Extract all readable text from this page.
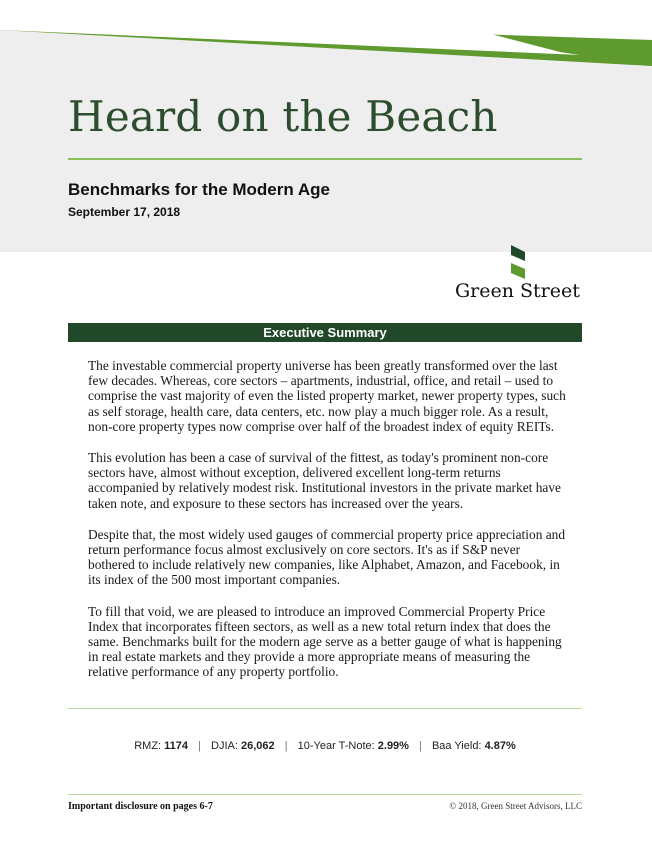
Heard on the Beach
Benchmarks for the Modern Age
September 17, 2018
Green Street
Executive Summary

The investable commercial property universe has been greatly transformed over the last few decades. Whereas, core sectors – apartments, industrial, office, and retail – used to comprise the vast majority of even the listed property market, newer property types, such as self storage, health care, data centers, etc. now play a much bigger role. As a result, non-core property types now comprise over half of the broadest index of equity REITs.

This evolution has been a case of survival of the fittest, as today's prominent non-core sectors have, almost without exception, delivered excellent long-term returns accompanied by relatively modest risk. Institutional investors in the private market have taken note, and exposure to these sectors has increased over the years.

Despite that, the most widely used gauges of commercial property price appreciation and return performance focus almost exclusively on core sectors. It's as if S&P never bothered to include relatively new companies, like Alphabet, Amazon, and Facebook, in its index of the 500 most important companies.

To fill that void, we are pleased to introduce an improved Commercial Property Price Index that incorporates fifteen sectors, as well as a new total return index that does the same. Benchmarks built for the modern age serve as a better gauge of what is happening in real estate markets and they provide a more appropriate means of measuring the relative performance of any property portfolio.

RMZ: 1174 | DJIA: 26,062 | 10-Year T-Note: 2.99% | Baa Yield: 4.87%
Important disclosure on pages 6-7	© 2018, Green Street Advisors, LLC
